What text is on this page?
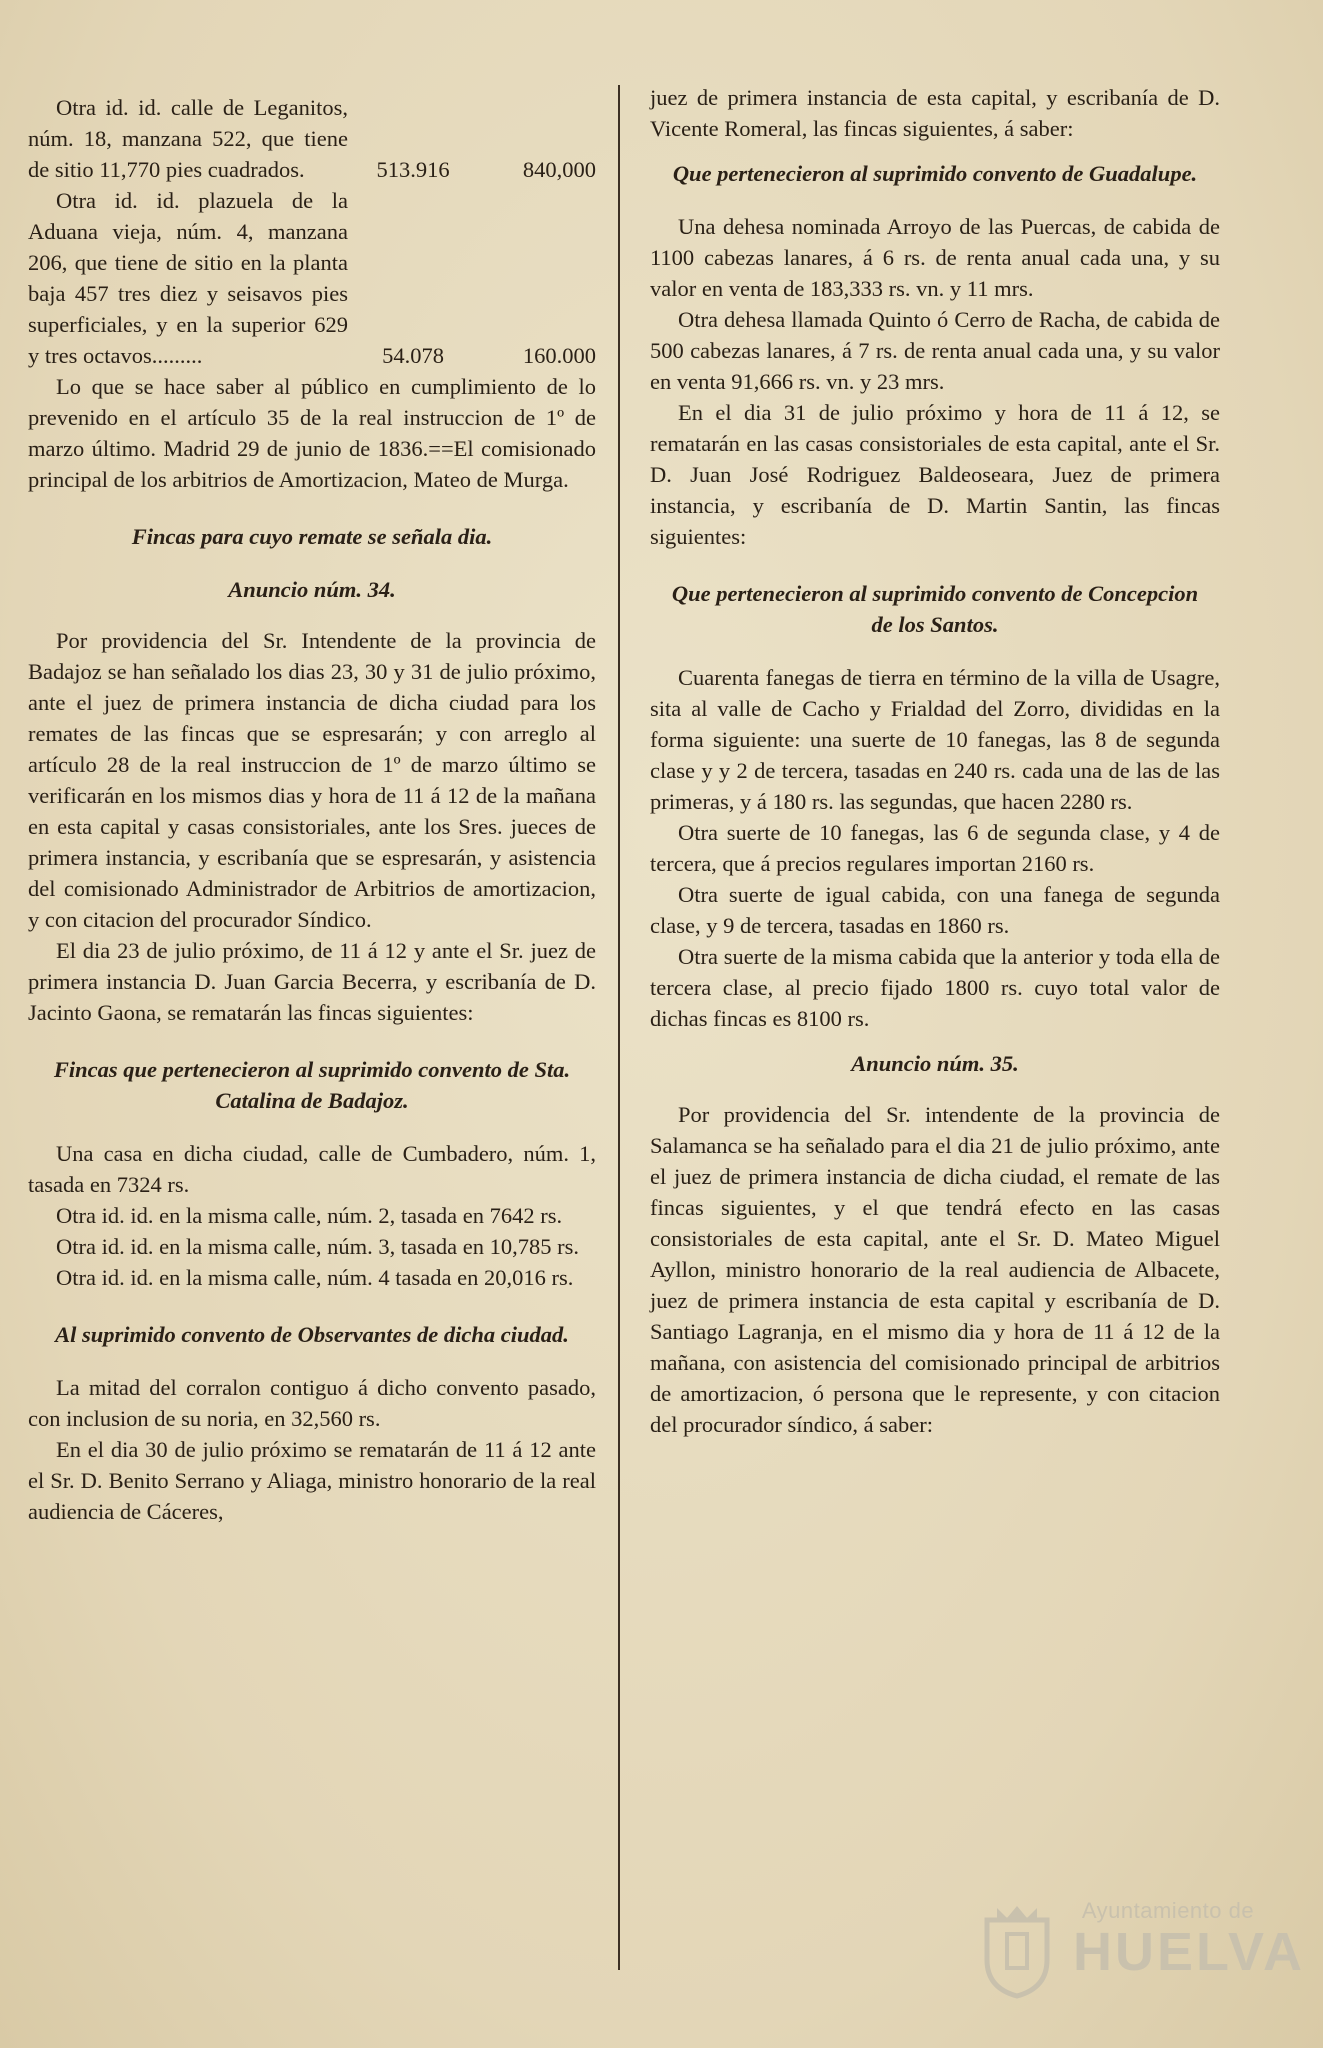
Otra id. id. calle de Leganitos, núm. 18, manzana 522, que tiene de sitio 11,770 pies cuadrados.	513.916	840,000
Otra id. id. plazuela de la Aduana vieja, núm. 4, manzana 206, que tiene de sitio en la planta baja 457 tres diez y seisavos pies superficiales, y en la superior 629 y tres octavos.........	54.078	160.000

Lo que se hace saber al público en cumplimiento de lo prevenido en el artículo 35 de la real instruccion de 1º de marzo último. Madrid 29 de junio de 1836.==El comisionado principal de los arbitrios de Amortizacion, Mateo de Murga.

Fincas para cuyo remate se señala dia.
Anuncio núm. 34.

Por providencia del Sr. Intendente de la provincia de Badajoz se han señalado los dias 23, 30 y 31 de julio próximo, ante el juez de primera instancia de dicha ciudad para los remates de las fincas que se espresarán; y con arreglo al artículo 28 de la real instruccion de 1º de marzo último se verificarán en los mismos dias y hora de 11 á 12 de la mañana en esta capital y casas consistoriales, ante los Sres. jueces de primera instancia, y escribanía que se espresarán, y asistencia del comisionado Administrador de Arbitrios de amortizacion, y con citacion del procurador Síndico.

El dia 23 de julio próximo, de 11 á 12 y ante el Sr. juez de primera instancia D. Juan Garcia Becerra, y escribanía de D. Jacinto Gaona, se rematarán las fincas siguientes:

Fincas que pertenecieron al suprimido convento de Sta. Catalina de Badajoz.

Una casa en dicha ciudad, calle de Cumbadero, núm. 1, tasada en 7324 rs.

Otra id. id. en la misma calle, núm. 2, tasada en 7642 rs.

Otra id. id. en la misma calle, núm. 3, tasada en 10,785 rs.

Otra id. id. en la misma calle, núm. 4 tasada en 20,016 rs.

Al suprimido convento de Observantes de dicha ciudad.

La mitad del corralon contiguo á dicho convento pasado, con inclusion de su noria, en 32,560 rs.

En el dia 30 de julio próximo se rematarán de 11 á 12 ante el Sr. D. Benito Serrano y Aliaga, ministro honorario de la real audiencia de Cáceres,

juez de primera instancia de esta capital, y escribanía de D. Vicente Romeral, las fincas siguientes, á saber:

Que pertenecieron al suprimido convento de Guadalupe.

Una dehesa nominada Arroyo de las Puercas, de cabida de 1100 cabezas lanares, á 6 rs. de renta anual cada una, y su valor en venta de 183,333 rs. vn. y 11 mrs.

Otra dehesa llamada Quinto ó Cerro de Racha, de cabida de 500 cabezas lanares, á 7 rs. de renta anual cada una, y su valor en venta 91,666 rs. vn. y 23 mrs.

En el dia 31 de julio próximo y hora de 11 á 12, se rematarán en las casas consistoriales de esta capital, ante el Sr. D. Juan José Rodriguez Baldeoseara, Juez de primera instancia, y escribanía de D. Martin Santin, las fincas siguientes:

Que pertenecieron al suprimido convento de Concepcion de los Santos.

Cuarenta fanegas de tierra en término de la villa de Usagre, sita al valle de Cacho y Frialdad del Zorro, divididas en la forma siguiente: una suerte de 10 fanegas, las 8 de segunda clase y y 2 de tercera, tasadas en 240 rs. cada una de las de las primeras, y á 180 rs. las segundas, que hacen 2280 rs.

Otra suerte de 10 fanegas, las 6 de segunda clase, y 4 de tercera, que á precios regulares importan 2160 rs.

Otra suerte de igual cabida, con una fanega de segunda clase, y 9 de tercera, tasadas en 1860 rs.

Otra suerte de la misma cabida que la anterior y toda ella de tercera clase, al precio fijado 1800 rs. cuyo total valor de dichas fincas es 8100 rs.

Anuncio núm. 35.

Por providencia del Sr. intendente de la provincia de Salamanca se ha señalado para el dia 21 de julio próximo, ante el juez de primera instancia de dicha ciudad, el remate de las fincas siguientes, y el que tendrá efecto en las casas consistoriales de esta capital, ante el Sr. D. Mateo Miguel Ayllon, ministro honorario de la real audiencia de Albacete, juez de primera instancia de esta capital y escribanía de D. Santiago Lagranja, en el mismo dia y hora de 11 á 12 de la mañana, con asistencia del comisionado principal de arbitrios de amortizacion, ó persona que le represente, y con citacion del procurador síndico, á saber:

Ayuntamiento de
HUELVA
